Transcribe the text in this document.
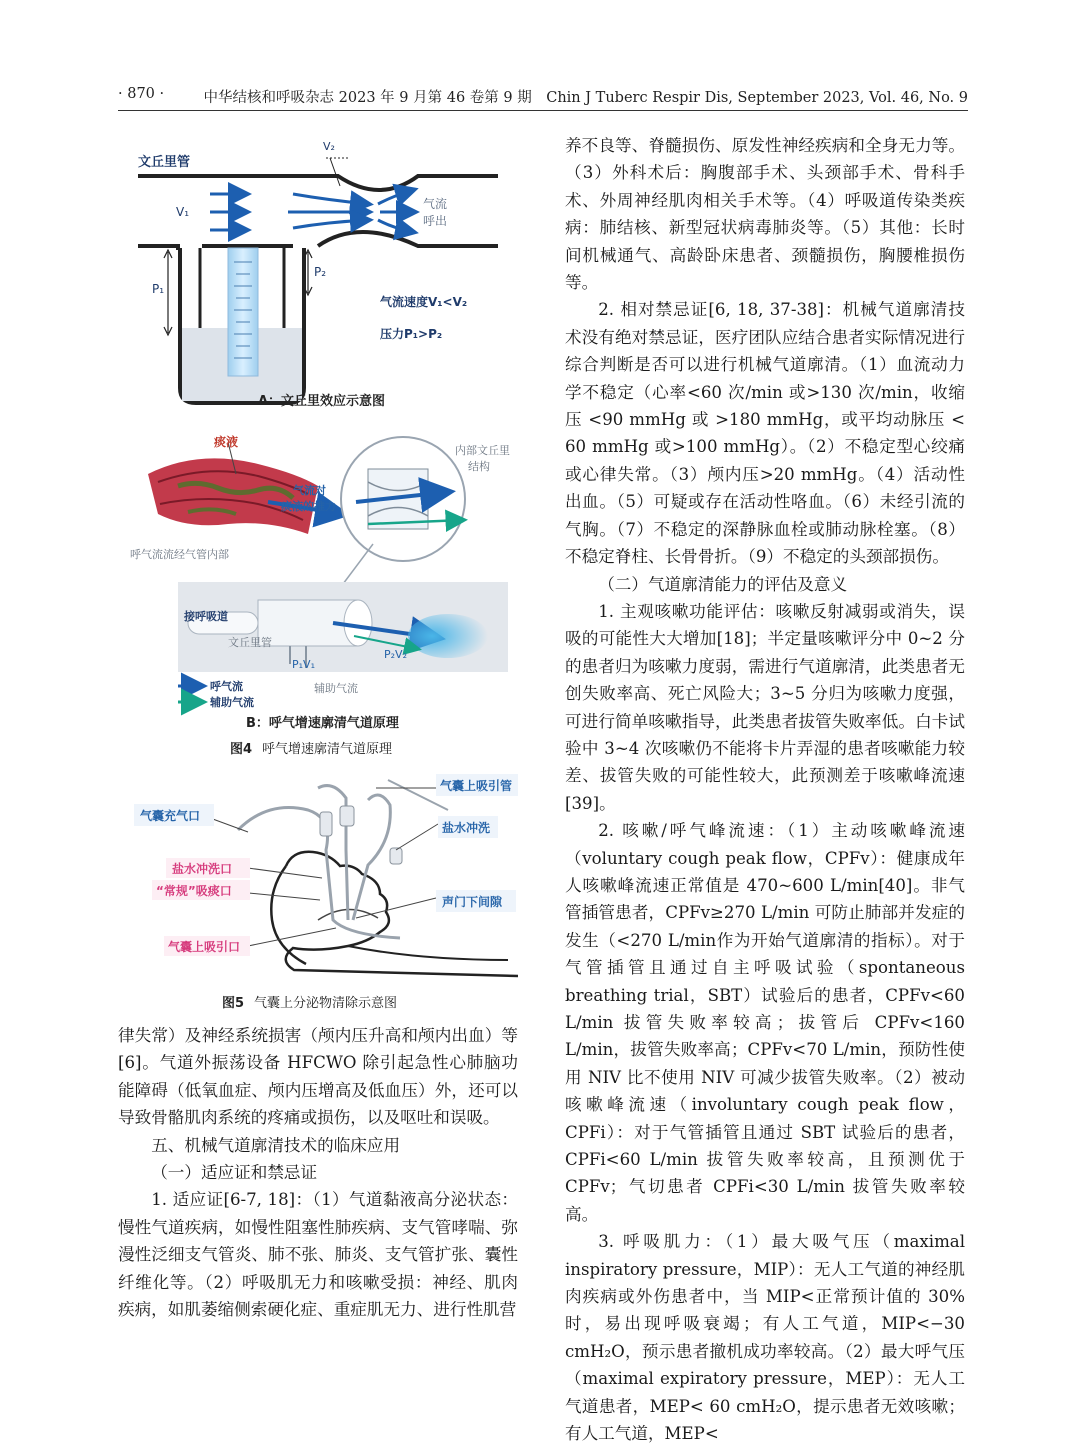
· 870 ·	中华结核和呼吸杂志 2023 年 9 月第 46 卷第 9 期　Chin J Tuberc Respir Dis, September 2023, Vol. 46, No. 9
文丘里管
V₂
V₁
气流
呼出
P₁
P₂
气流速度V₁<V₂
压力P₁>P₂
A：文丘里效应示意图
痰液
内部文丘里
结构
气流对
痰液的推力
呼气流流经气管内部
接呼吸道
文丘里管
P₁V₁
P₂V₂
呼气流
辅助气流
辅助气流
B：呼气增速廓清气道原理
图4 呼气增速廓清气道原理
气囊上吸引管
气囊充气口
盐水冲洗
盐水冲洗口
“常规”吸痰口
声门下间隙
气囊上吸引口
图5 气囊上分泌物清除示意图

律失常）及神经系统损害（颅内压升高和颅内出血）等[6]。气道外振荡设备 HFCWO 除引起急性心肺脑功能障碍（低氧血症、颅内压增高及低血压）外，还可以导致骨骼肌肉系统的疼痛或损伤，以及呕吐和误吸。

五、机械气道廓清技术的临床应用

（一）适应证和禁忌证

1. 适应证[6-7, 18]：（1）气道黏液高分泌状态：慢性气道疾病，如慢性阻塞性肺疾病、支气管哮喘、弥漫性泛细支气管炎、肺不张、肺炎、支气管扩张、囊性纤维化等。（2）呼吸肌无力和咳嗽受损：神经、肌肉疾病，如肌萎缩侧索硬化症、重症肌无力、进行性肌营

养不良等、脊髓损伤、原发性神经疾病和全身无力等。（3）外科术后：胸腹部手术、头颈部手术、骨科手术、外周神经肌肉相关手术等。（4）呼吸道传染类疾病：肺结核、新型冠状病毒肺炎等。（5）其他：长时间机械通气、高龄卧床患者、颈髓损伤，胸腰椎损伤等。

2. 相对禁忌证[6, 18, 37-38]：机械气道廓清技术没有绝对禁忌证，医疗团队应结合患者实际情况进行综合判断是否可以进行机械气道廓清。（1）血流动力学不稳定（心率<60 次/min 或>130 次/min，收缩压 <90 mmHg 或 >180 mmHg，或平均动脉压 < 60 mmHg 或>100 mmHg）。（2）不稳定型心绞痛或心律失常。（3）颅内压>20 mmHg。（4）活动性出血。（5）可疑或存在活动性咯血。（6）未经引流的气胸。（7）不稳定的深静脉血栓或肺动脉栓塞。（8）不稳定脊柱、长骨骨折。（9）不稳定的头颈部损伤。

（二）气道廓清能力的评估及意义

1. 主观咳嗽功能评估：咳嗽反射减弱或消失，误吸的可能性大大增加[18]；半定量咳嗽评分中 0~2 分的患者归为咳嗽力度弱，需进行气道廓清，此类患者无创失败率高、死亡风险大；3~5 分归为咳嗽力度强，可进行简单咳嗽指导，此类患者拔管失败率低。白卡试验中 3~4 次咳嗽仍不能将卡片弄湿的患者咳嗽能力较差、拔管失败的可能性较大，此预测差于咳嗽峰流速[39]。

2. 咳嗽/呼气峰流速：（1）主动咳嗽峰流速（voluntary cough peak flow，CPFv）：健康成年人咳嗽峰流速正常值是 470~600 L/min[40]。非气管插管患者，CPFv≥270 L/min 可防止肺部并发症的发生（<270 L/min作为开始气道廓清的指标）。对于气管插管且通过自主呼吸试验（spontaneous breathing trial，SBT）试验后的患者，CPFv<60 L/min 拔管失败率较高；拔管后 CPFv<160 L/min，拔管失败率高；CPFv<70 L/min，预防性使用 NIV 比不使用 NIV 可减少拔管失败率。（2）被动咳嗽峰流速（involuntary cough peak flow，CPFi）：对于气管插管且通过 SBT 试验后的患者，CPFi<60 L/min 拔管失败率较高，且预测优于 CPFv；气切患者 CPFi<30 L/min 拔管失败率较高。

3. 呼吸肌力：（1）最大吸气压（maximal inspiratory pressure，MIP）：无人工气道的神经肌肉疾病或外伤患者中，当 MIP<正常预计值的 30% 时，易出现呼吸衰竭；有人工气道，MIP<−30 cmH₂O，预示患者撤机成功率较高。（2）最大呼气压（maximal expiratory pressure，MEP）：无人工气道患者，MEP< 60 cmH₂O，提示患者无效咳嗽；有人工气道，MEP<
